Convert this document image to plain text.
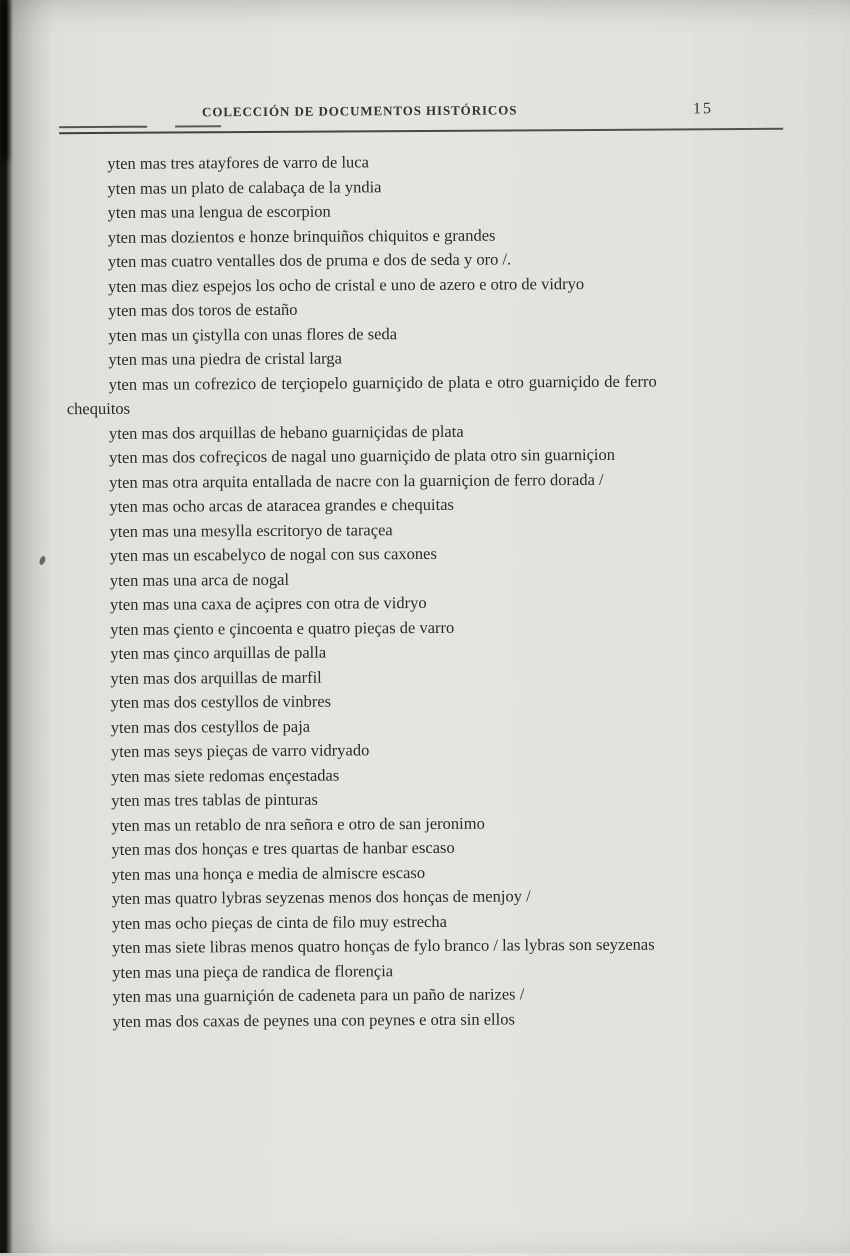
COLECCIÓN DE DOCUMENTOS HISTÓRICOS	15

yten mas tres atayfores de varro de luca

yten mas un plato de calabaça de la yndia

yten mas una lengua de escorpion

yten mas dozientos e honze brinquiños chiquitos e grandes

yten mas cuatro ventalles dos de pruma e dos de seda y oro /.

yten mas diez espejos los ocho de cristal e uno de azero e otro de vidryo

yten mas dos toros de estaño

yten mas un çistylla con unas flores de seda

yten mas una piedra de cristal larga

yten mas un cofrezico de terçiopelo guarniçido de plata e otro guarniçido de ferro chequitos

yten mas dos arquillas de hebano guarniçidas de plata

yten mas dos cofreçicos de nagal uno guarniçido de plata otro sin guarniçion

yten mas otra arquita entallada de nacre con la guarniçion de ferro dorada /

yten mas ocho arcas de ataracea grandes e chequitas

yten mas una mesylla escritoryo de taraçea

yten mas un escabelyco de nogal con sus caxones

yten mas una arca de nogal

yten mas una caxa de açipres con otra de vidryo

yten mas çiento e çincoenta e quatro pieças de varro

yten mas çinco arquillas de palla

yten mas dos arquillas de marfil

yten mas dos cestyllos de vinbres

yten mas dos cestyllos de paja

yten mas seys pieças de varro vidryado

yten mas siete redomas ençestadas

yten mas tres tablas de pinturas

yten mas un retablo de nra señora e otro de san jeronimo

yten mas dos honças e tres quartas de hanbar escaso

yten mas una honça e media de almiscre escaso

yten mas quatro lybras seyzenas menos dos honças de menjoy /

yten mas ocho pieças de cinta de filo muy estrecha

yten mas siete libras menos quatro honças de fylo branco / las lybras son seyzenas

yten mas una pieça de randica de florençia

yten mas una guarniçión de cadeneta para un paño de narizes /

yten mas dos caxas de peynes una con peynes e otra sin ellos
